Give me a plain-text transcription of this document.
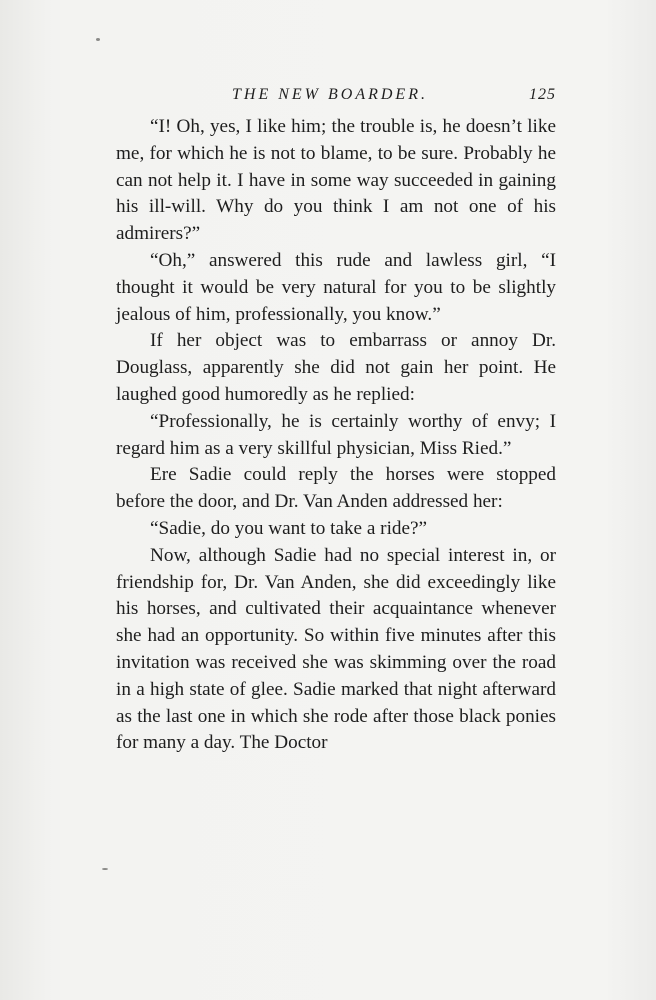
THE NEW BOARDER.	125

“I! Oh, yes, I like him; the trouble is, he doesn’t like me, for which he is not to blame, to be sure. Probably he can not help it. I have in some way succeeded in gaining his ill-will. Why do you think I am not one of his admirers?”

“Oh,” answered this rude and lawless girl, “I thought it would be very natural for you to be slightly jealous of him, professionally, you know.”

If her object was to embarrass or annoy Dr. Douglass, apparently she did not gain her point. He laughed good humoredly as he replied:

“Professionally, he is certainly worthy of envy; I regard him as a very skillful physician, Miss Ried.”

Ere Sadie could reply the horses were stopped before the door, and Dr. Van Anden addressed her:

“Sadie, do you want to take a ride?”

Now, although Sadie had no special interest in, or friendship for, Dr. Van Anden, she did exceedingly like his horses, and cultivated their acquaintance whenever she had an opportunity. So within five minutes after this invitation was received she was skimming over the road in a high state of glee. Sadie marked that night afterward as the last one in which she rode after those black ponies for many a day. The Doctor
